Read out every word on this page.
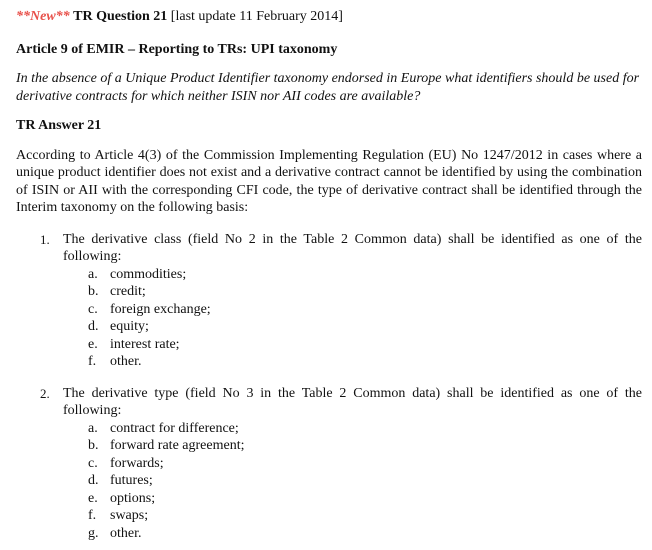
**New** TR Question 21 [last update 11 February 2014]

Article 9 of EMIR – Reporting to TRs: UPI taxonomy

In the absence of a Unique Product Identifier taxonomy endorsed in Europe what identifiers should be used for derivative contracts for which neither ISIN nor AII codes are available?

TR Answer 21

According to Article 4(3) of the Commission Implementing Regulation (EU) No 1247/2012 in cases where a unique product identifier does not exist and a derivative contract cannot be identified by using the combination of ISIN or AII with the corresponding CFI code, the type of derivative contract shall be identified through the Interim taxonomy on the following basis:

1. The derivative class (field No 2 in the Table 2 Common data) shall be identified as one of the following:
a. commodities;
b. credit;
c. foreign exchange;
d. equity;
e. interest rate;
f. other.
2. The derivative type (field No 3 in the Table 2 Common data) shall be identified as one of the following:
a. contract for difference;
b. forward rate agreement;
c. forwards;
d. futures;
e. options;
f. swaps;
g. other.
